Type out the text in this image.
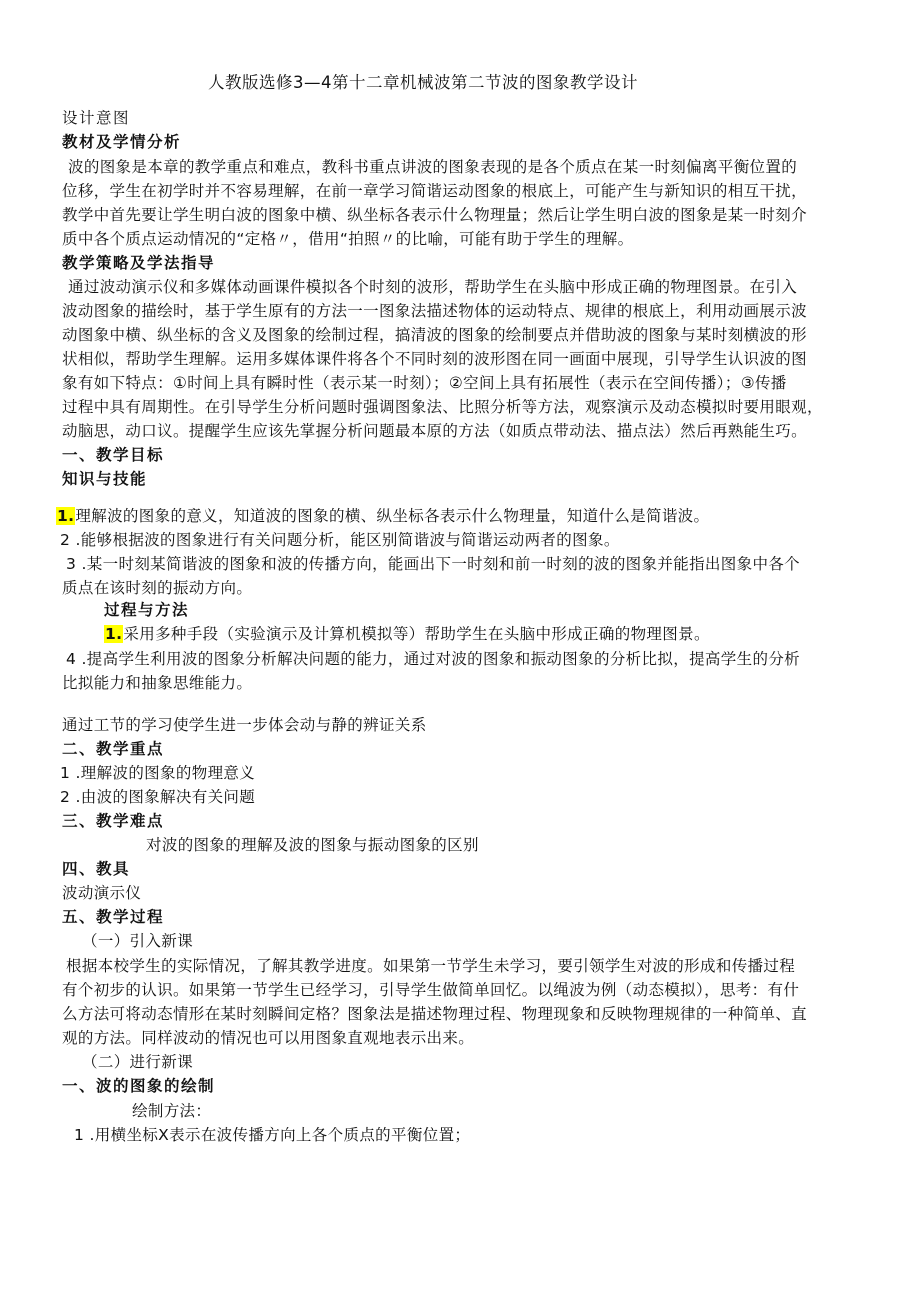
人教版选修3—4第十二章机械波第二节波的图象教学设计
设计意图
教材及学情分析
波的图象是本章的教学重点和难点，教科书重点讲波的图象表现的是各个质点在某一时刻偏离平衡位置的
位移，学生在初学时并不容易理解，在前一章学习简谐运动图象的根底上，可能产生与新知识的相互干扰，
教学中首先要让学生明白波的图象中横、纵坐标各表示什么物理量；然后让学生明白波的图象是某一时刻介
质中各个质点运动情况的“定格〃，借用“拍照〃的比喻，可能有助于学生的理解。
教学策略及学法指导
通过波动演示仪和多媒体动画课件模拟各个时刻的波形，帮助学生在头脑中形成正确的物理图景。在引入
波动图象的描绘时，基于学生原有的方法一一图象法描述物体的运动特点、规律的根底上，利用动画展示波
动图象中横、纵坐标的含义及图象的绘制过程，搞清波的图象的绘制要点并借助波的图象与某时刻横波的形
状相似，帮助学生理解。运用多媒体课件将各个不同时刻的波形图在同一画面中展现，引导学生认识波的图
象有如下特点：①时间上具有瞬时性（表示某一时刻）；②空间上具有拓展性（表示在空间传播）；③传播
过程中具有周期性。在引导学生分析问题时强调图象法、比照分析等方法，观察演示及动态模拟时要用眼观，
动脑思，动口议。提醒学生应该先掌握分析问题最本原的方法（如质点带动法、描点法）然后再熟能生巧。
一、教学目标
知识与技能
1.理解波的图象的意义，知道波的图象的横、纵坐标各表示什么物理量，知道什么是简谐波。
2 .能够根据波的图象进行有关问题分析，能区别简谐波与简谐运动两者的图象。
3 .某一时刻某简谐波的图象和波的传播方向，能画出下一时刻和前一时刻的波的图象并能指出图象中各个
质点在该时刻的振动方向。
过程与方法
1.采用多种手段（实验演示及计算机模拟等）帮助学生在头脑中形成正确的物理图景。
4 .提高学生利用波的图象分析解决问题的能力，通过对波的图象和振动图象的分析比拟，提高学生的分析
比拟能力和抽象思维能力。
通过工节的学习使学生进一步体会动与静的辨证关系
二、教学重点
1 .理解波的图象的物理意义
2 .由波的图象解决有关问题
三、教学难点
对波的图象的理解及波的图象与振动图象的区别
四、教具
波动演示仪
五、教学过程
（一）引入新课
根据本校学生的实际情况，了解其教学进度。如果第一节学生未学习，要引领学生对波的形成和传播过程
有个初步的认识。如果第一节学生已经学习，引导学生做简单回忆。以绳波为例（动态模拟），思考：有什
么方法可将动态情形在某时刻瞬间定格？图象法是描述物理过程、物理现象和反映物理规律的一种简单、直
观的方法。同样波动的情况也可以用图象直观地表示出来。
（二）进行新课
一、波的图象的绘制
绘制方法：
1 .用横坐标X表示在波传播方向上各个质点的平衡位置；
